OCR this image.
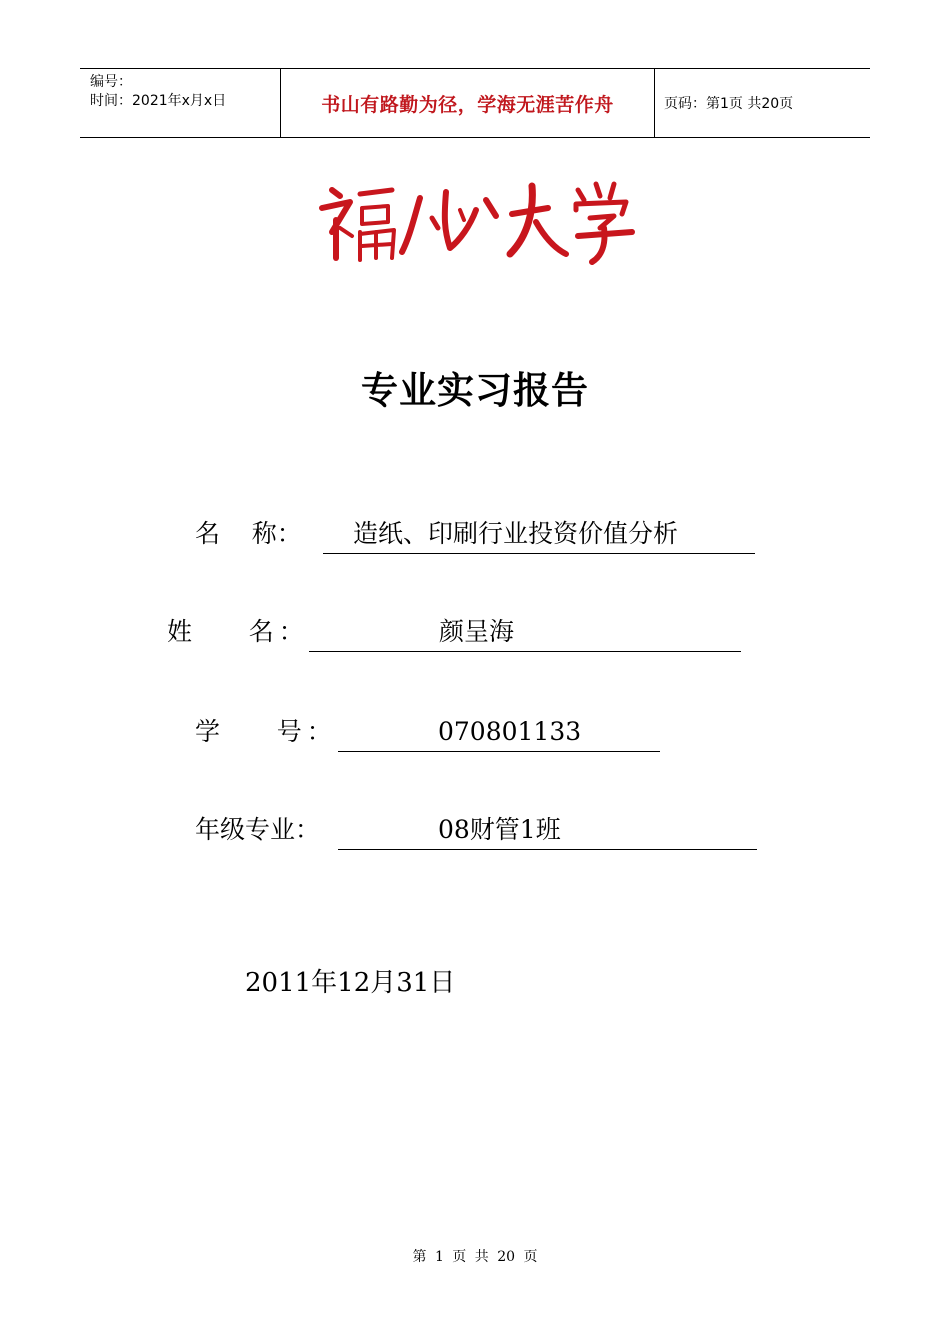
编号：
时间：2021年x月x日	书山有路勤为径，学海无涯苦作舟	页码：第1页 共20页
专业实习报告
名    称： 造纸、印刷行业投资价值分析
姓    名：	颜呈海
学    号：	070801133
年级专业：	08财管1班
2011年12月31日
第 1 页 共 20 页
